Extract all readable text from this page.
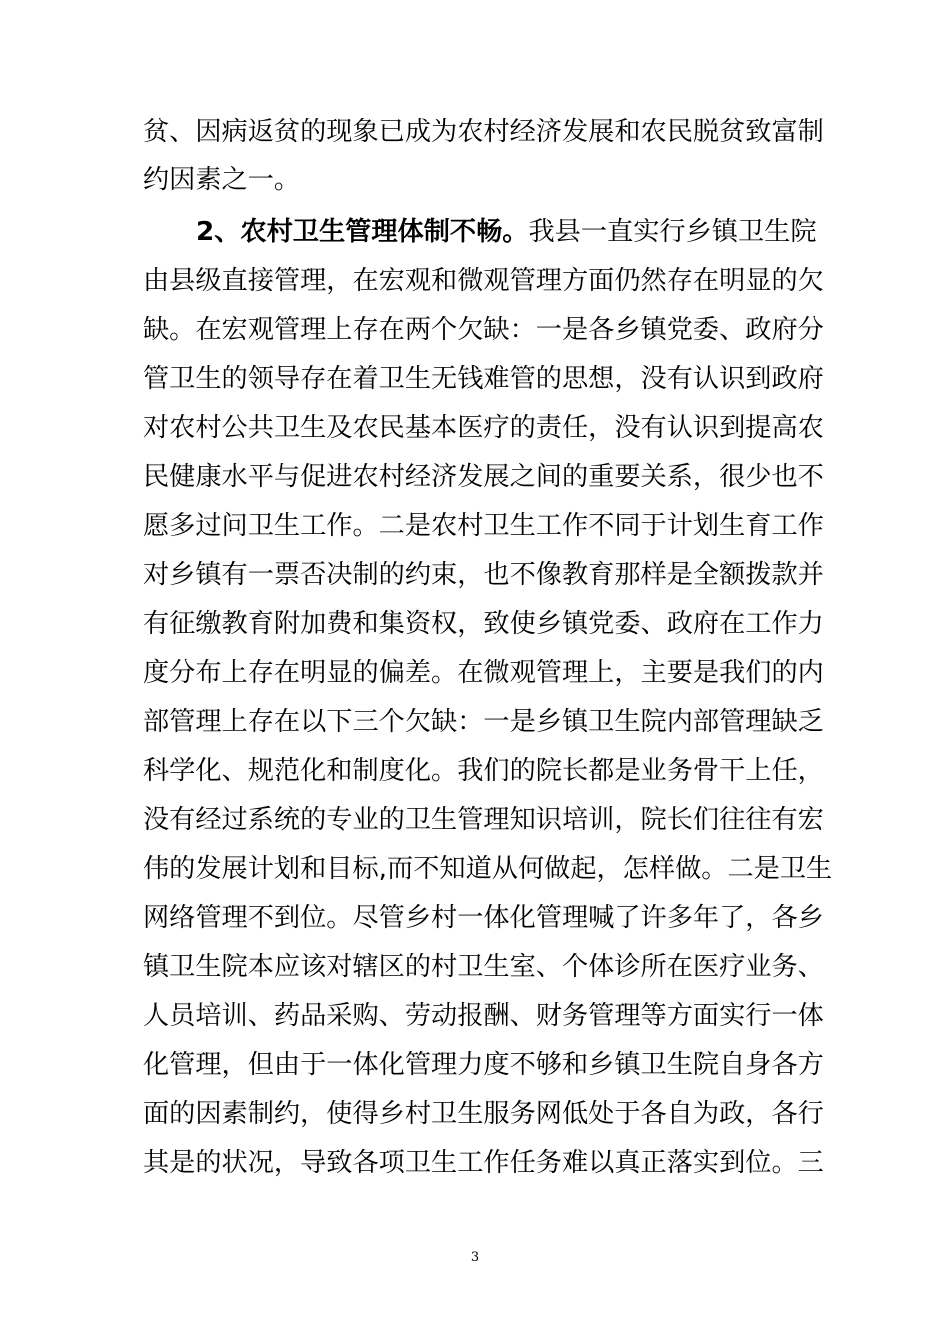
贫、因病返贫的现象已成为农村经济发展和农民脱贫致富制
约因素之一。
2、农村卫生管理体制不畅。我县一直实行乡镇卫生院
由县级直接管理，在宏观和微观管理方面仍然存在明显的欠
缺。在宏观管理上存在两个欠缺：一是各乡镇党委、政府分
管卫生的领导存在着卫生无钱难管的思想，没有认识到政府
对农村公共卫生及农民基本医疗的责任，没有认识到提高农
民健康水平与促进农村经济发展之间的重要关系，很少也不
愿多过问卫生工作。二是农村卫生工作不同于计划生育工作
对乡镇有一票否决制的约束，也不像教育那样是全额拨款并
有征缴教育附加费和集资权，致使乡镇党委、政府在工作力
度分布上存在明显的偏差。在微观管理上，主要是我们的内
部管理上存在以下三个欠缺：一是乡镇卫生院内部管理缺乏
科学化、规范化和制度化。我们的院长都是业务骨干上任，
没有经过系统的专业的卫生管理知识培训，院长们往往有宏
伟的发展计划和目标,而不知道从何做起，怎样做。二是卫生
网络管理不到位。尽管乡村一体化管理喊了许多年了，各乡
镇卫生院本应该对辖区的村卫生室、个体诊所在医疗业务、
人员培训、药品采购、劳动报酬、财务管理等方面实行一体
化管理，但由于一体化管理力度不够和乡镇卫生院自身各方
面的因素制约，使得乡村卫生服务网低处于各自为政，各行
其是的状况，导致各项卫生工作任务难以真正落实到位。三
3
